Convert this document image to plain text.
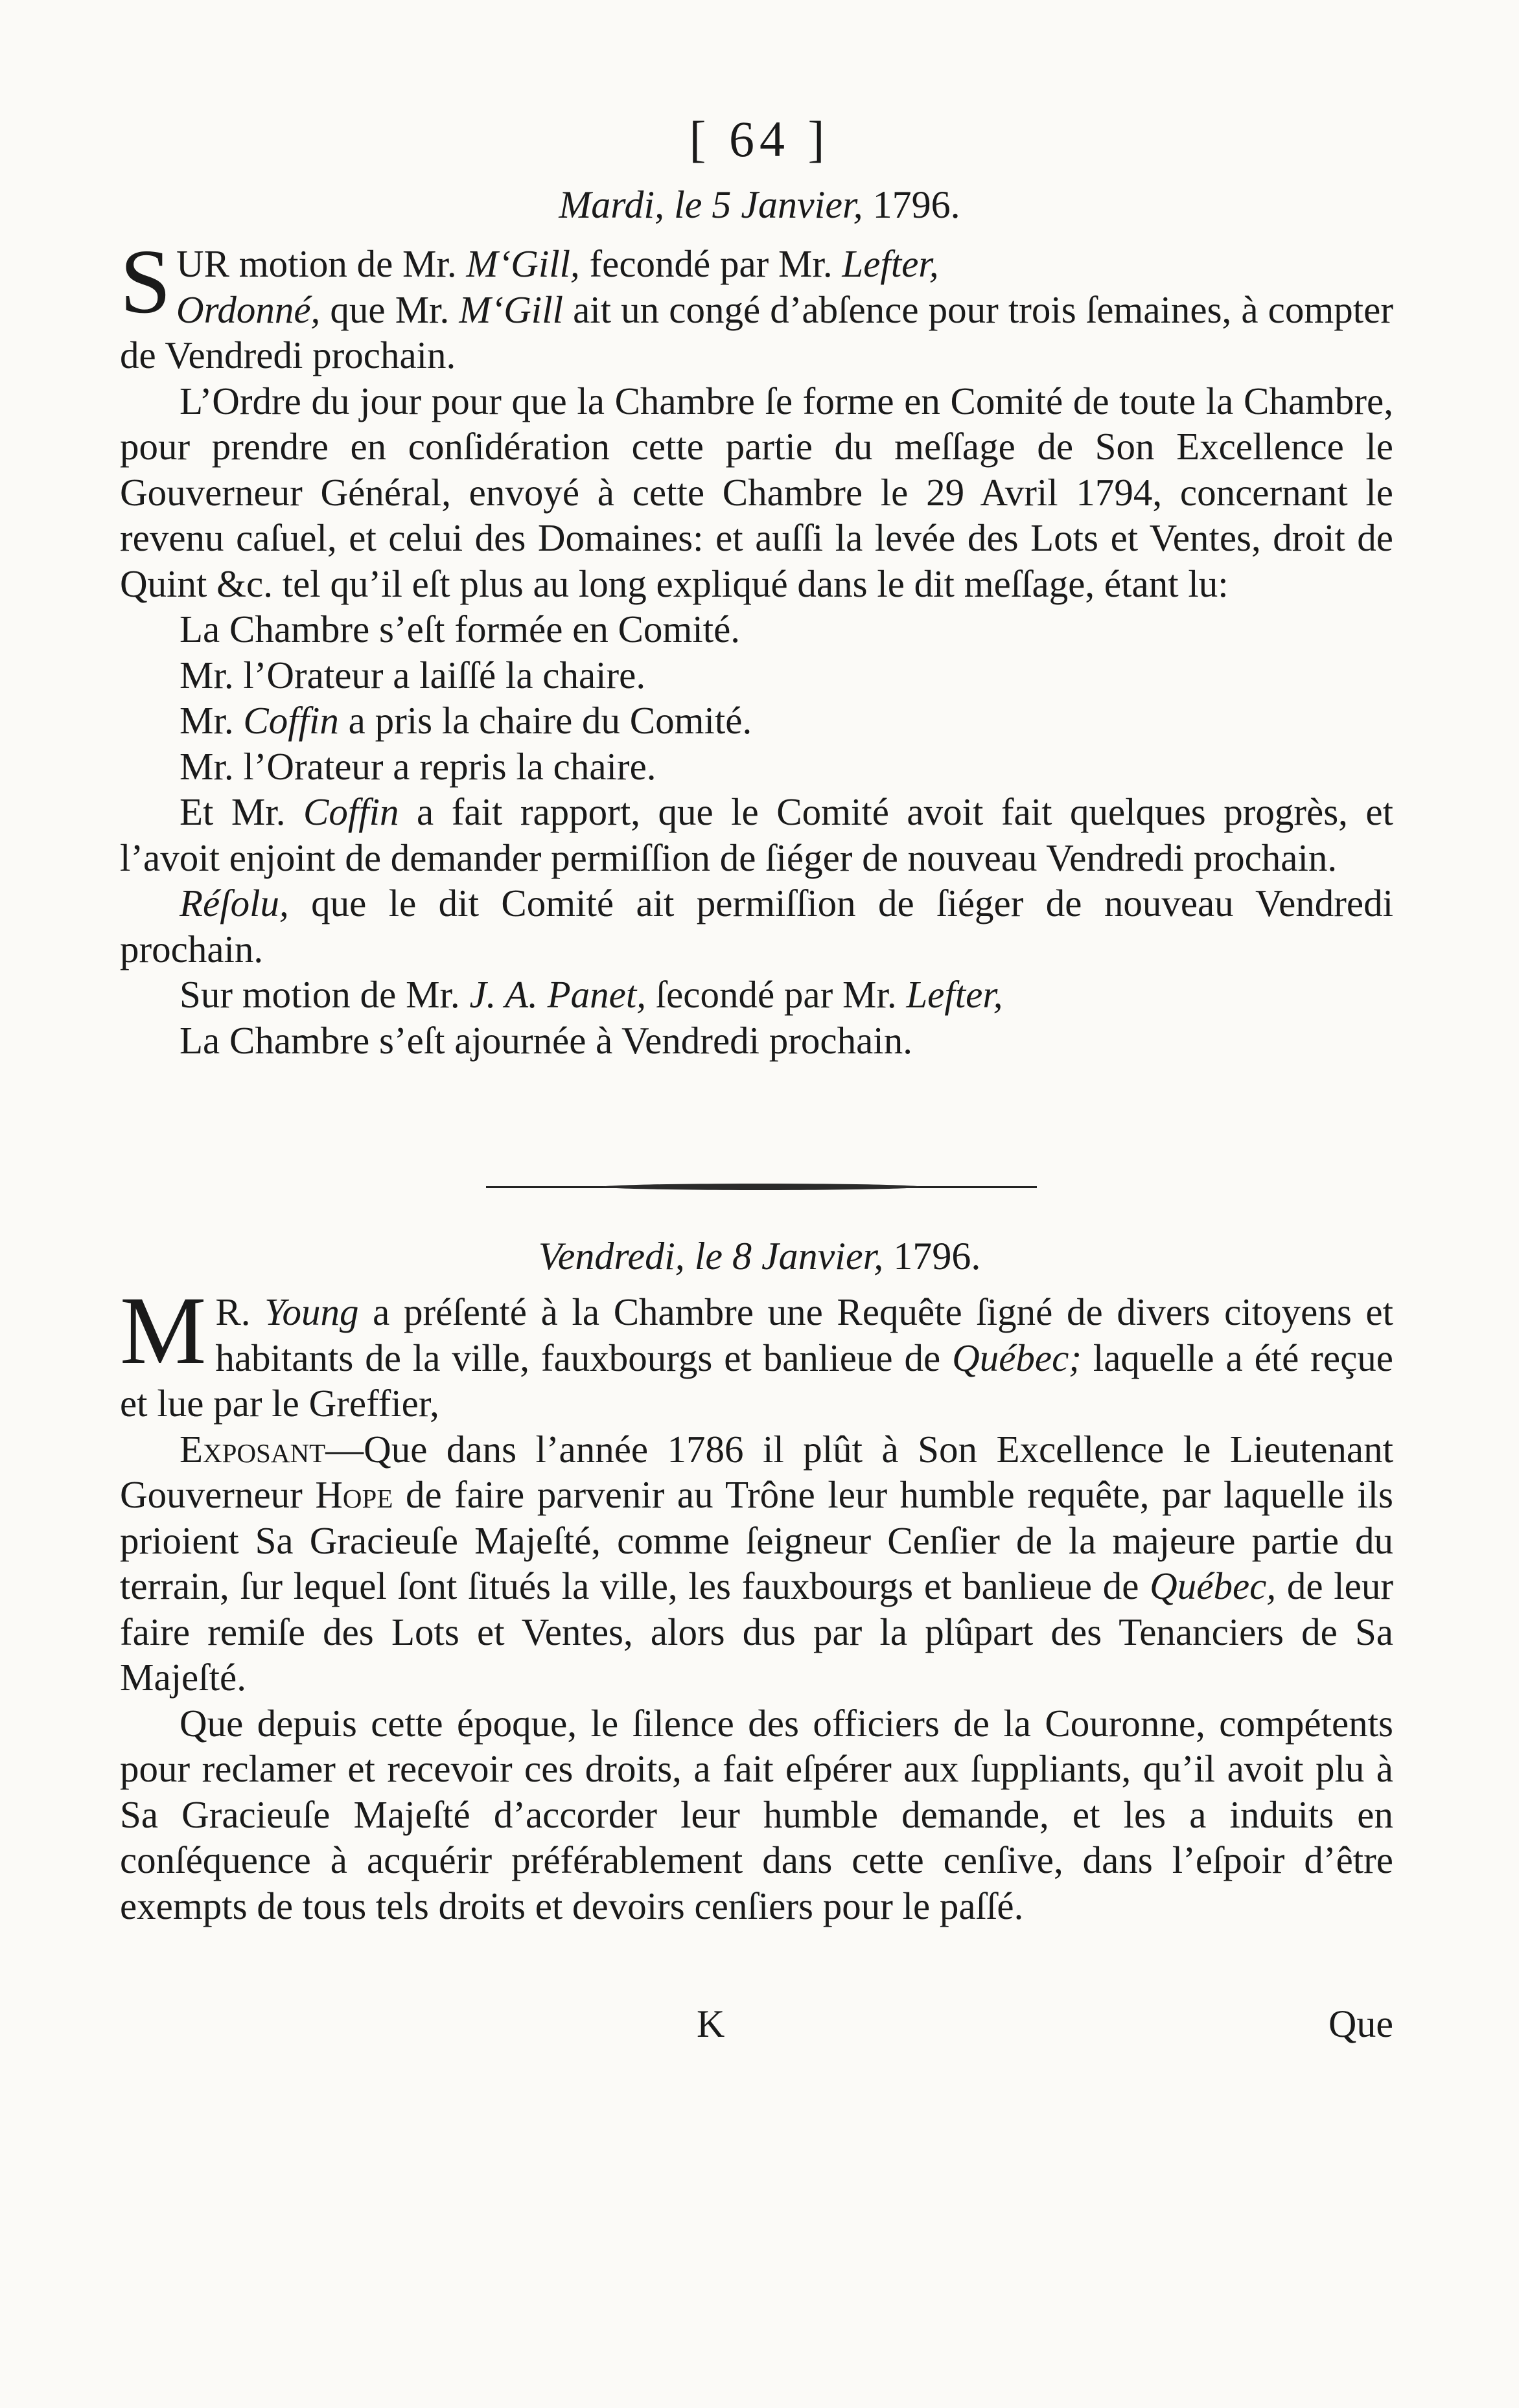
[ 64 ]
Mardi, le 5 Janvier, 1796.

SUR motion de Mr. M‘Gill, fecondé par Mr. Lefter,
Ordonné, que Mr. M‘Gill ait un congé d’abſence pour trois ſemaines, à compter de Vendredi prochain.

L’Ordre du jour pour que la Chambre ſe forme en Comité de toute la Chambre, pour prendre en conſidération cette partie du meſſage de Son Excellence le Gouverneur Général, envoyé à cette Chambre le 29 Avril 1794, concernant le revenu caſuel, et celui des Domaines: et auſſi la levée des Lots et Ventes, droit de Quint &c. tel qu’il eſt plus au long expliqué dans le dit meſſage, étant lu:

La Chambre s’eſt formée en Comité.

Mr. l’Orateur a laiſſé la chaire.

Mr. Coffin a pris la chaire du Comité.

Mr. l’Orateur a repris la chaire.

Et Mr. Coffin a fait rapport, que le Comité avoit fait quelques progrès, et l’avoit enjoint de demander permiſſion de ſiéger de nouveau Vendredi prochain.

Réſolu, que le dit Comité ait permiſſion de ſiéger de nouveau Vendredi prochain.

Sur motion de Mr. J. A. Panet, ſecondé par Mr. Lefter,

La Chambre s’eſt ajournée à Vendredi prochain.

Vendredi, le 8 Janvier, 1796.

M R. Young a préſenté à la Chambre une Requête ſigné de divers citoyens et habitants de la ville, fauxbourgs et banlieue de Québec; laquelle a été reçue et lue par le Greffier,

Exposant—Que dans l’année 1786 il plût à Son Excellence le Lieutenant Gouverneur Hope de faire parvenir au Trône leur humble requête, par laquelle ils prioient Sa Gracieuſe Majeſté, comme ſeigneur Cenſier de la majeure partie du terrain, ſur lequel ſont ſitués la ville, les fauxbourgs et banlieue de Québec, de leur faire remiſe des Lots et Ventes, alors dus par la plûpart des Tenanciers de Sa Majeſté.

Que depuis cette époque, le ſilence des officiers de la Couronne, compétents pour reclamer et recevoir ces droits, a fait eſpérer aux ſuppliants, qu’il avoit plu à Sa Gracieuſe Majeſté d’accorder leur humble demande, et les a induits en conſéquence à acquérir préférablement dans cette cenſive, dans l’eſpoir d’être exempts de tous tels droits et devoirs cenſiers pour le paſſé.

K	Que
